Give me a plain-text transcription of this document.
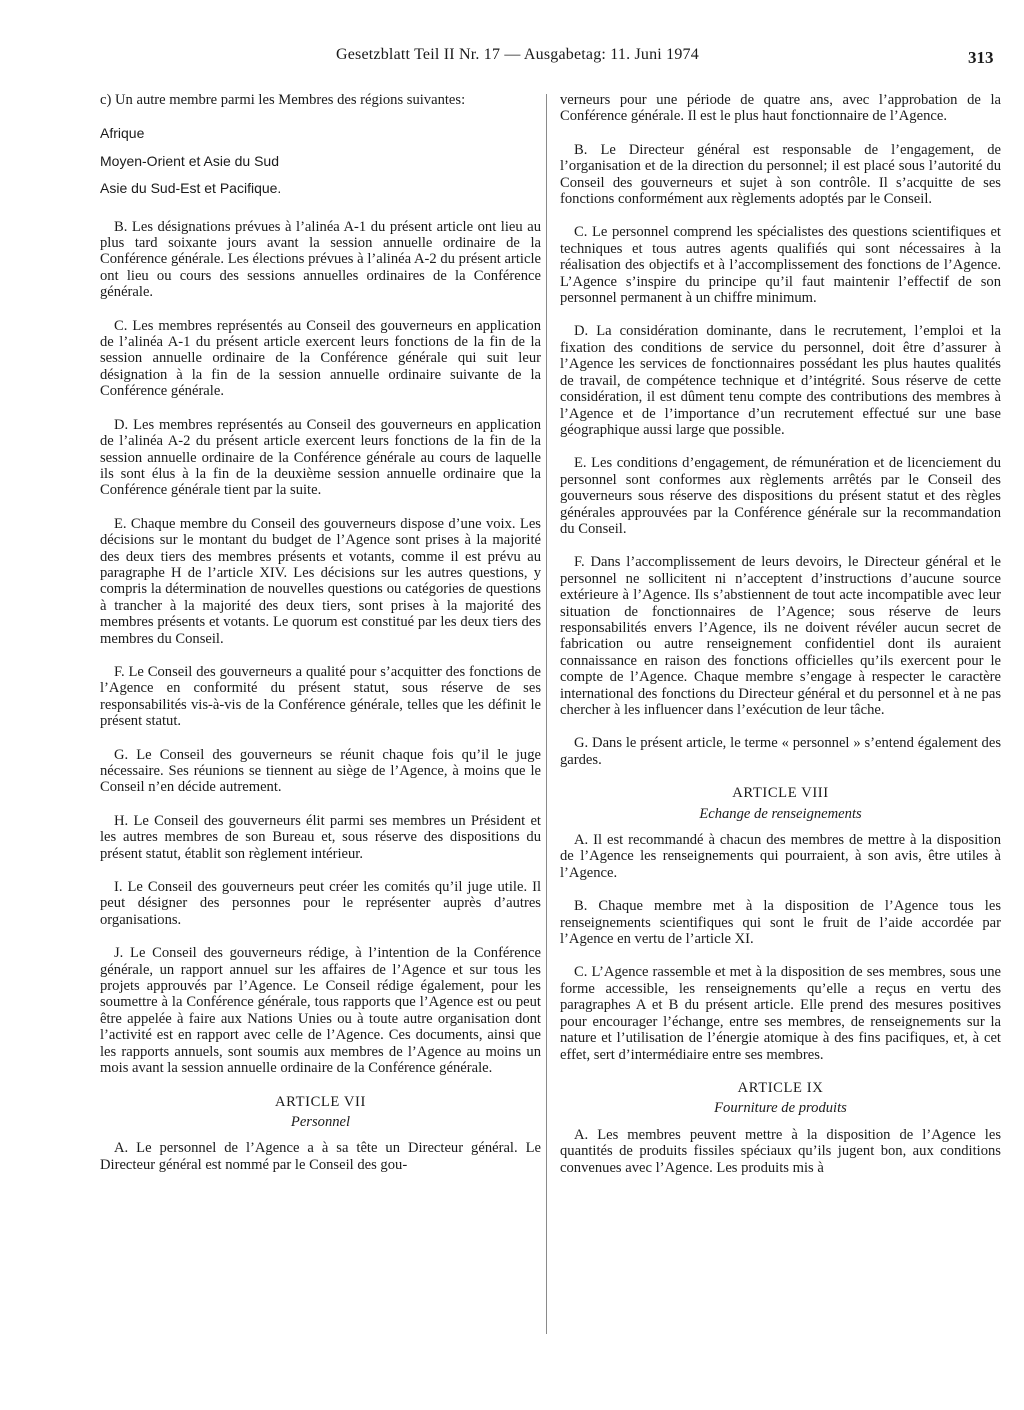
Gesetzblatt Teil II Nr. 17 — Ausgabetag: 11. Juni 1974	313

c) Un autre membre parmi les Membres des régions suivantes:

Afrique

Moyen-Orient et Asie du Sud

Asie du Sud-Est et Pacifique.

B. Les désignations prévues à l’alinéa A-1 du présent article ont lieu au plus tard soixante jours avant la session annuelle ordinaire de la Conférence générale. Les élections prévues à l’alinéa A-2 du présent article ont lieu ou cours des sessions annuelles ordinaires de la Conférence générale.

C. Les membres représentés au Conseil des gouverneurs en application de l’alinéa A-1 du présent article exercent leurs fonctions de la fin de la session annuelle ordinaire de la Conférence générale qui suit leur désignation à la fin de la session annuelle ordinaire suivante de la Conférence générale.

D. Les membres représentés au Conseil des gouverneurs en application de l’alinéa A-2 du présent article exercent leurs fonctions de la fin de la session annuelle ordinaire de la Conférence générale au cours de laquelle ils sont élus à la fin de la deuxième session annuelle ordinaire que la Conférence générale tient par la suite.

E. Chaque membre du Conseil des gouverneurs dispose d’une voix. Les décisions sur le montant du budget de l’Agence sont prises à la majorité des deux tiers des membres présents et votants, comme il est prévu au paragraphe H de l’article XIV. Les décisions sur les autres questions, y compris la détermination de nouvelles questions ou catégories de questions à trancher à la majorité des deux tiers, sont prises à la majorité des membres présents et votants. Le quorum est constitué par les deux tiers des membres du Conseil.

F. Le Conseil des gouverneurs a qualité pour s’acquitter des fonctions de l’Agence en conformité du présent statut, sous réserve de ses responsabilités vis-à-vis de la Conférence générale, telles que les définit le présent statut.

G. Le Conseil des gouverneurs se réunit chaque fois qu’il le juge nécessaire. Ses réunions se tiennent au siège de l’Agence, à moins que le Conseil n’en décide autrement.

H. Le Conseil des gouverneurs élit parmi ses membres un Président et les autres membres de son Bureau et, sous réserve des dispositions du présent statut, établit son règlement intérieur.

I. Le Conseil des gouverneurs peut créer les comités qu’il juge utile. Il peut désigner des personnes pour le représenter auprès d’autres organisations.

J. Le Conseil des gouverneurs rédige, à l’intention de la Conférence générale, un rapport annuel sur les affaires de l’Agence et sur tous les projets approuvés par l’Agence. Le Conseil rédige également, pour les soumettre à la Conférence générale, tous rapports que l’Agence est ou peut être appelée à faire aux Nations Unies ou à toute autre organisation dont l’activité est en rapport avec celle de l’Agence. Ces documents, ainsi que les rapports annuels, sont soumis aux membres de l’Agence au moins un mois avant la session annuelle ordinaire de la Conférence générale.

ARTICLE VII
Personnel

A. Le personnel de l’Agence a à sa tête un Directeur général. Le Directeur général est nommé par le Conseil des gou-

verneurs pour une période de quatre ans, avec l’approbation de la Conférence générale. Il est le plus haut fonctionnaire de l’Agence.

B. Le Directeur général est responsable de l’engagement, de l’organisation et de la direction du personnel; il est placé sous l’autorité du Conseil des gouverneurs et sujet à son contrôle. Il s’acquitte de ses fonctions conformément aux règlements adoptés par le Conseil.

C. Le personnel comprend les spécialistes des questions scientifiques et techniques et tous autres agents qualifiés qui sont nécessaires à la réalisation des objectifs et à l’accomplissement des fonctions de l’Agence. L’Agence s’inspire du principe qu’il faut maintenir l’effectif de son personnel permanent à un chiffre minimum.

D. La considération dominante, dans le recrutement, l’emploi et la fixation des conditions de service du personnel, doit être d’assurer à l’Agence les services de fonctionnaires possédant les plus hautes qualités de travail, de compétence technique et d’intégrité. Sous réserve de cette considération, il est dûment tenu compte des contributions des membres à l’Agence et de l’importance d’un recrutement effectué sur une base géographique aussi large que possible.

E. Les conditions d’engagement, de rémunération et de licenciement du personnel sont conformes aux règlements arrêtés par le Conseil des gouverneurs sous réserve des dispositions du présent statut et des règles générales approuvées par la Conférence générale sur la recommandation du Conseil.

F. Dans l’accomplissement de leurs devoirs, le Directeur général et le personnel ne sollicitent ni n’acceptent d’instructions d’aucune source extérieure à l’Agence. Ils s’abstiennent de tout acte incompatible avec leur situation de fonctionnaires de l’Agence; sous réserve de leurs responsabilités envers l’Agence, ils ne doivent révéler aucun secret de fabrication ou autre renseignement confidentiel dont ils auraient connaissance en raison des fonctions officielles qu’ils exercent pour le compte de l’Agence. Chaque membre s’engage à respecter le caractère international des fonctions du Directeur général et du personnel et à ne pas chercher à les influencer dans l’exécution de leur tâche.

G. Dans le présent article, le terme « personnel » s’entend également des gardes.

ARTICLE VIII
Echange de renseignements

A. Il est recommandé à chacun des membres de mettre à la disposition de l’Agence les renseignements qui pourraient, à son avis, être utiles à l’Agence.

B. Chaque membre met à la disposition de l’Agence tous les renseignements scientifiques qui sont le fruit de l’aide accordée par l’Agence en vertu de l’article XI.

C. L’Agence rassemble et met à la disposition de ses membres, sous une forme accessible, les renseignements qu’elle a reçus en vertu des paragraphes A et B du présent article. Elle prend des mesures positives pour encourager l’échange, entre ses membres, de renseignements sur la nature et l’utilisation de l’énergie atomique à des fins pacifiques, et, à cet effet, sert d’intermédiaire entre ses membres.

ARTICLE IX
Fourniture de produits

A. Les membres peuvent mettre à la disposition de l’Agence les quantités de produits fissiles spéciaux qu’ils jugent bon, aux conditions convenues avec l’Agence. Les produits mis à
